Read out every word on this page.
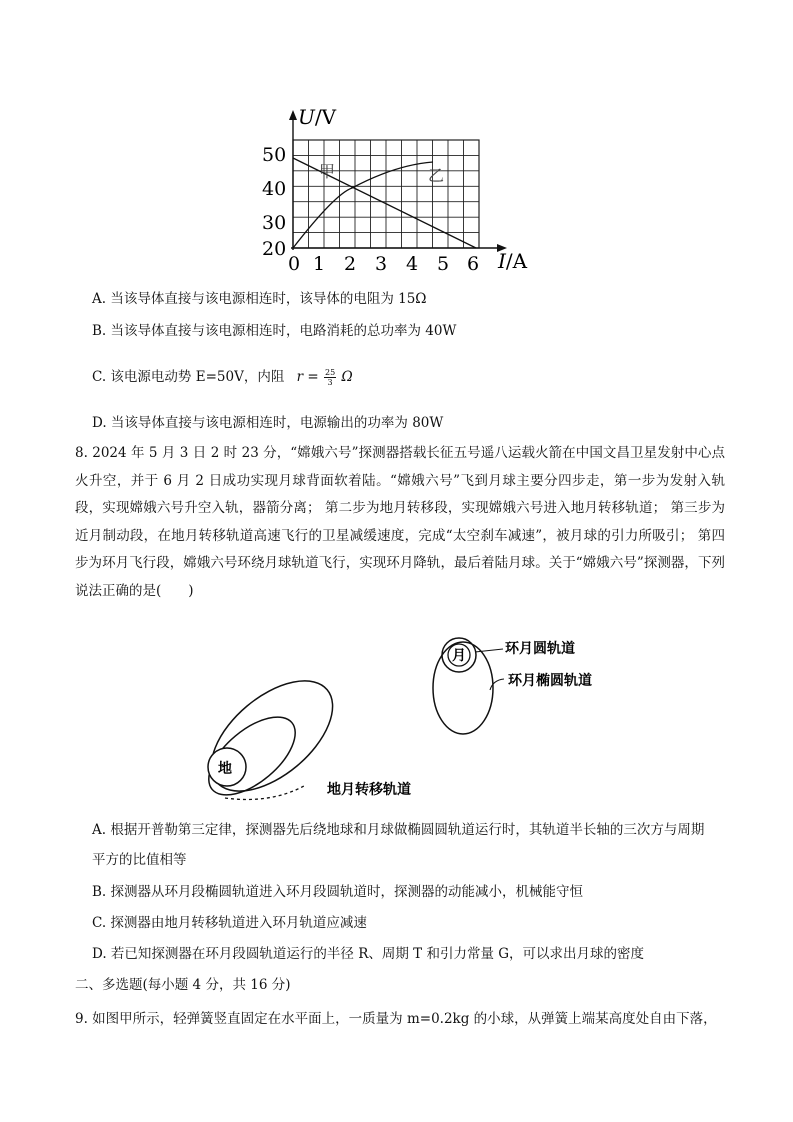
U/V
I/A
50
40
30
20
0 1 2 3 4 5 6
甲	乙
A. 当该导体直接与该电源相连时，该导体的电阻为 15Ω
B. 当该导体直接与该电源相连时，电路消耗的总功率为 40W
C. 该电源电动势 E=50V，内阻 $r = \frac{25}{3}$ Ω
D. 当该导体直接与该电源相连时，电源输出的功率为 80W
8. 2024 年 5 月 3 日 2 时 23 分，“嫦娥六号”探测器搭载长征五号遥八运载火箭在中国文昌卫星发射中心点火升空，并于 6 月 2 日成功实现月球背面软着陆。“嫦娥六号”飞到月球主要分四步走，第一步为发射入轨段，实现嫦娥六号升空入轨，器箭分离； 第二步为地月转移段，实现嫦娥六号进入地月转移轨道； 第三步为近月制动段，在地月转移轨道高速飞行的卫星减缓速度，完成“太空刹车减速”，被月球的引力所吸引； 第四步为环月飞行段，嫦娥六号环绕月球轨道飞行，实现环月降轨，最后着陆月球。关于“嫦娥六号”探测器，下列说法正确的是(　　)
地
地月转移轨道
月	环月圆轨道
环月椭圆轨道
A. 根据开普勒第三定律，探测器先后绕地球和月球做椭圆圆轨道运行时，其轨道半长轴的三次方与周期
平方的比值相等
B. 探测器从环月段椭圆轨道进入环月段圆轨道时，探测器的动能减小，机械能守恒
C. 探测器由地月转移轨道进入环月轨道应减速
D. 若已知探测器在环月段圆轨道运行的半径 R、周期 T 和引力常量 G，可以求出月球的密度
二、多选题(每小题 4 分，共 16 分)
9. 如图甲所示，轻弹簧竖直固定在水平面上，一质量为 m=0.2kg 的小球，从弹簧上端某高度处自由下落，
